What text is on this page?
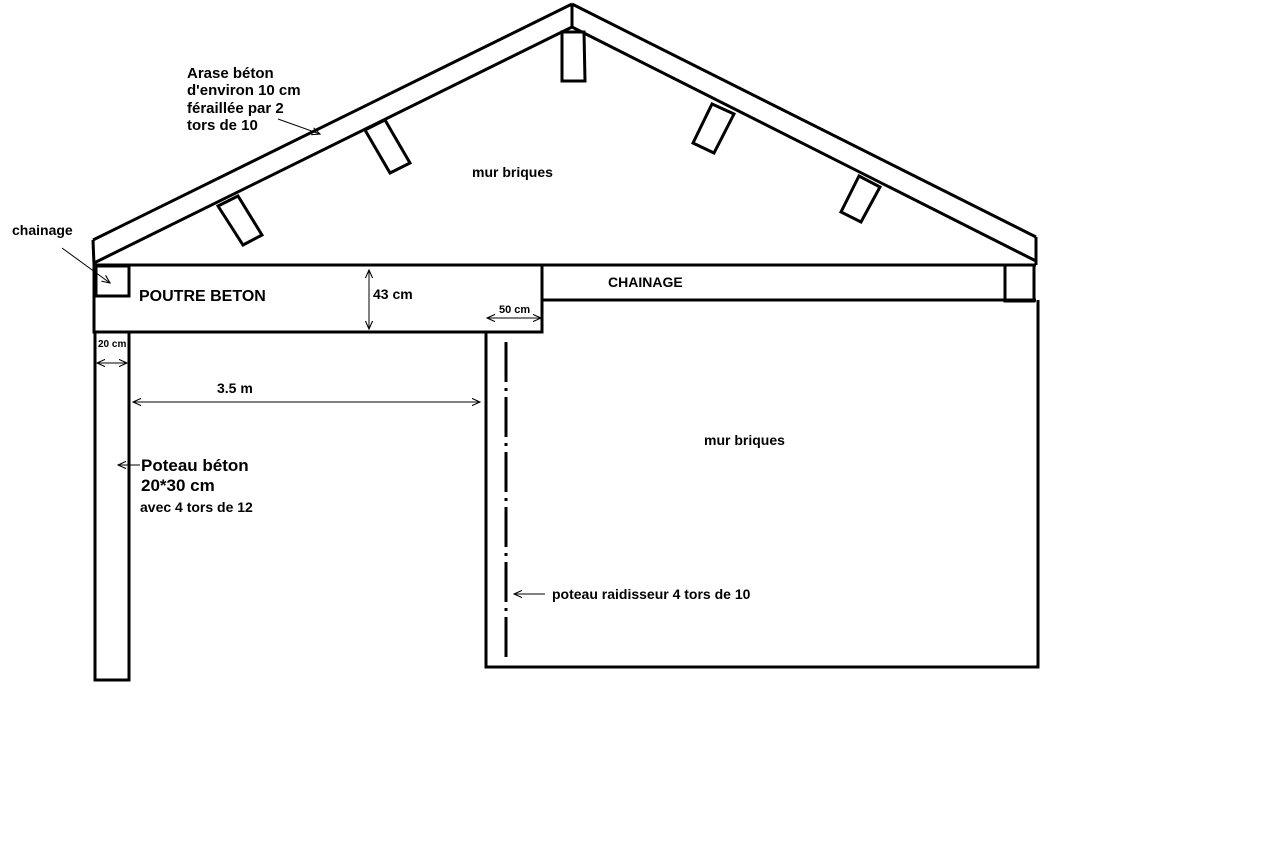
Arase béton
d'environ 10 cm
féraillée par 2
tors de 10
mur briques
chainage
POUTRE BETON	43 cm
CHAINAGE
50 cm
20 cm
3.5 m
mur briques
Poteau béton
20*30 cm
avec 4 tors de 12
poteau raidisseur 4 tors de 10
